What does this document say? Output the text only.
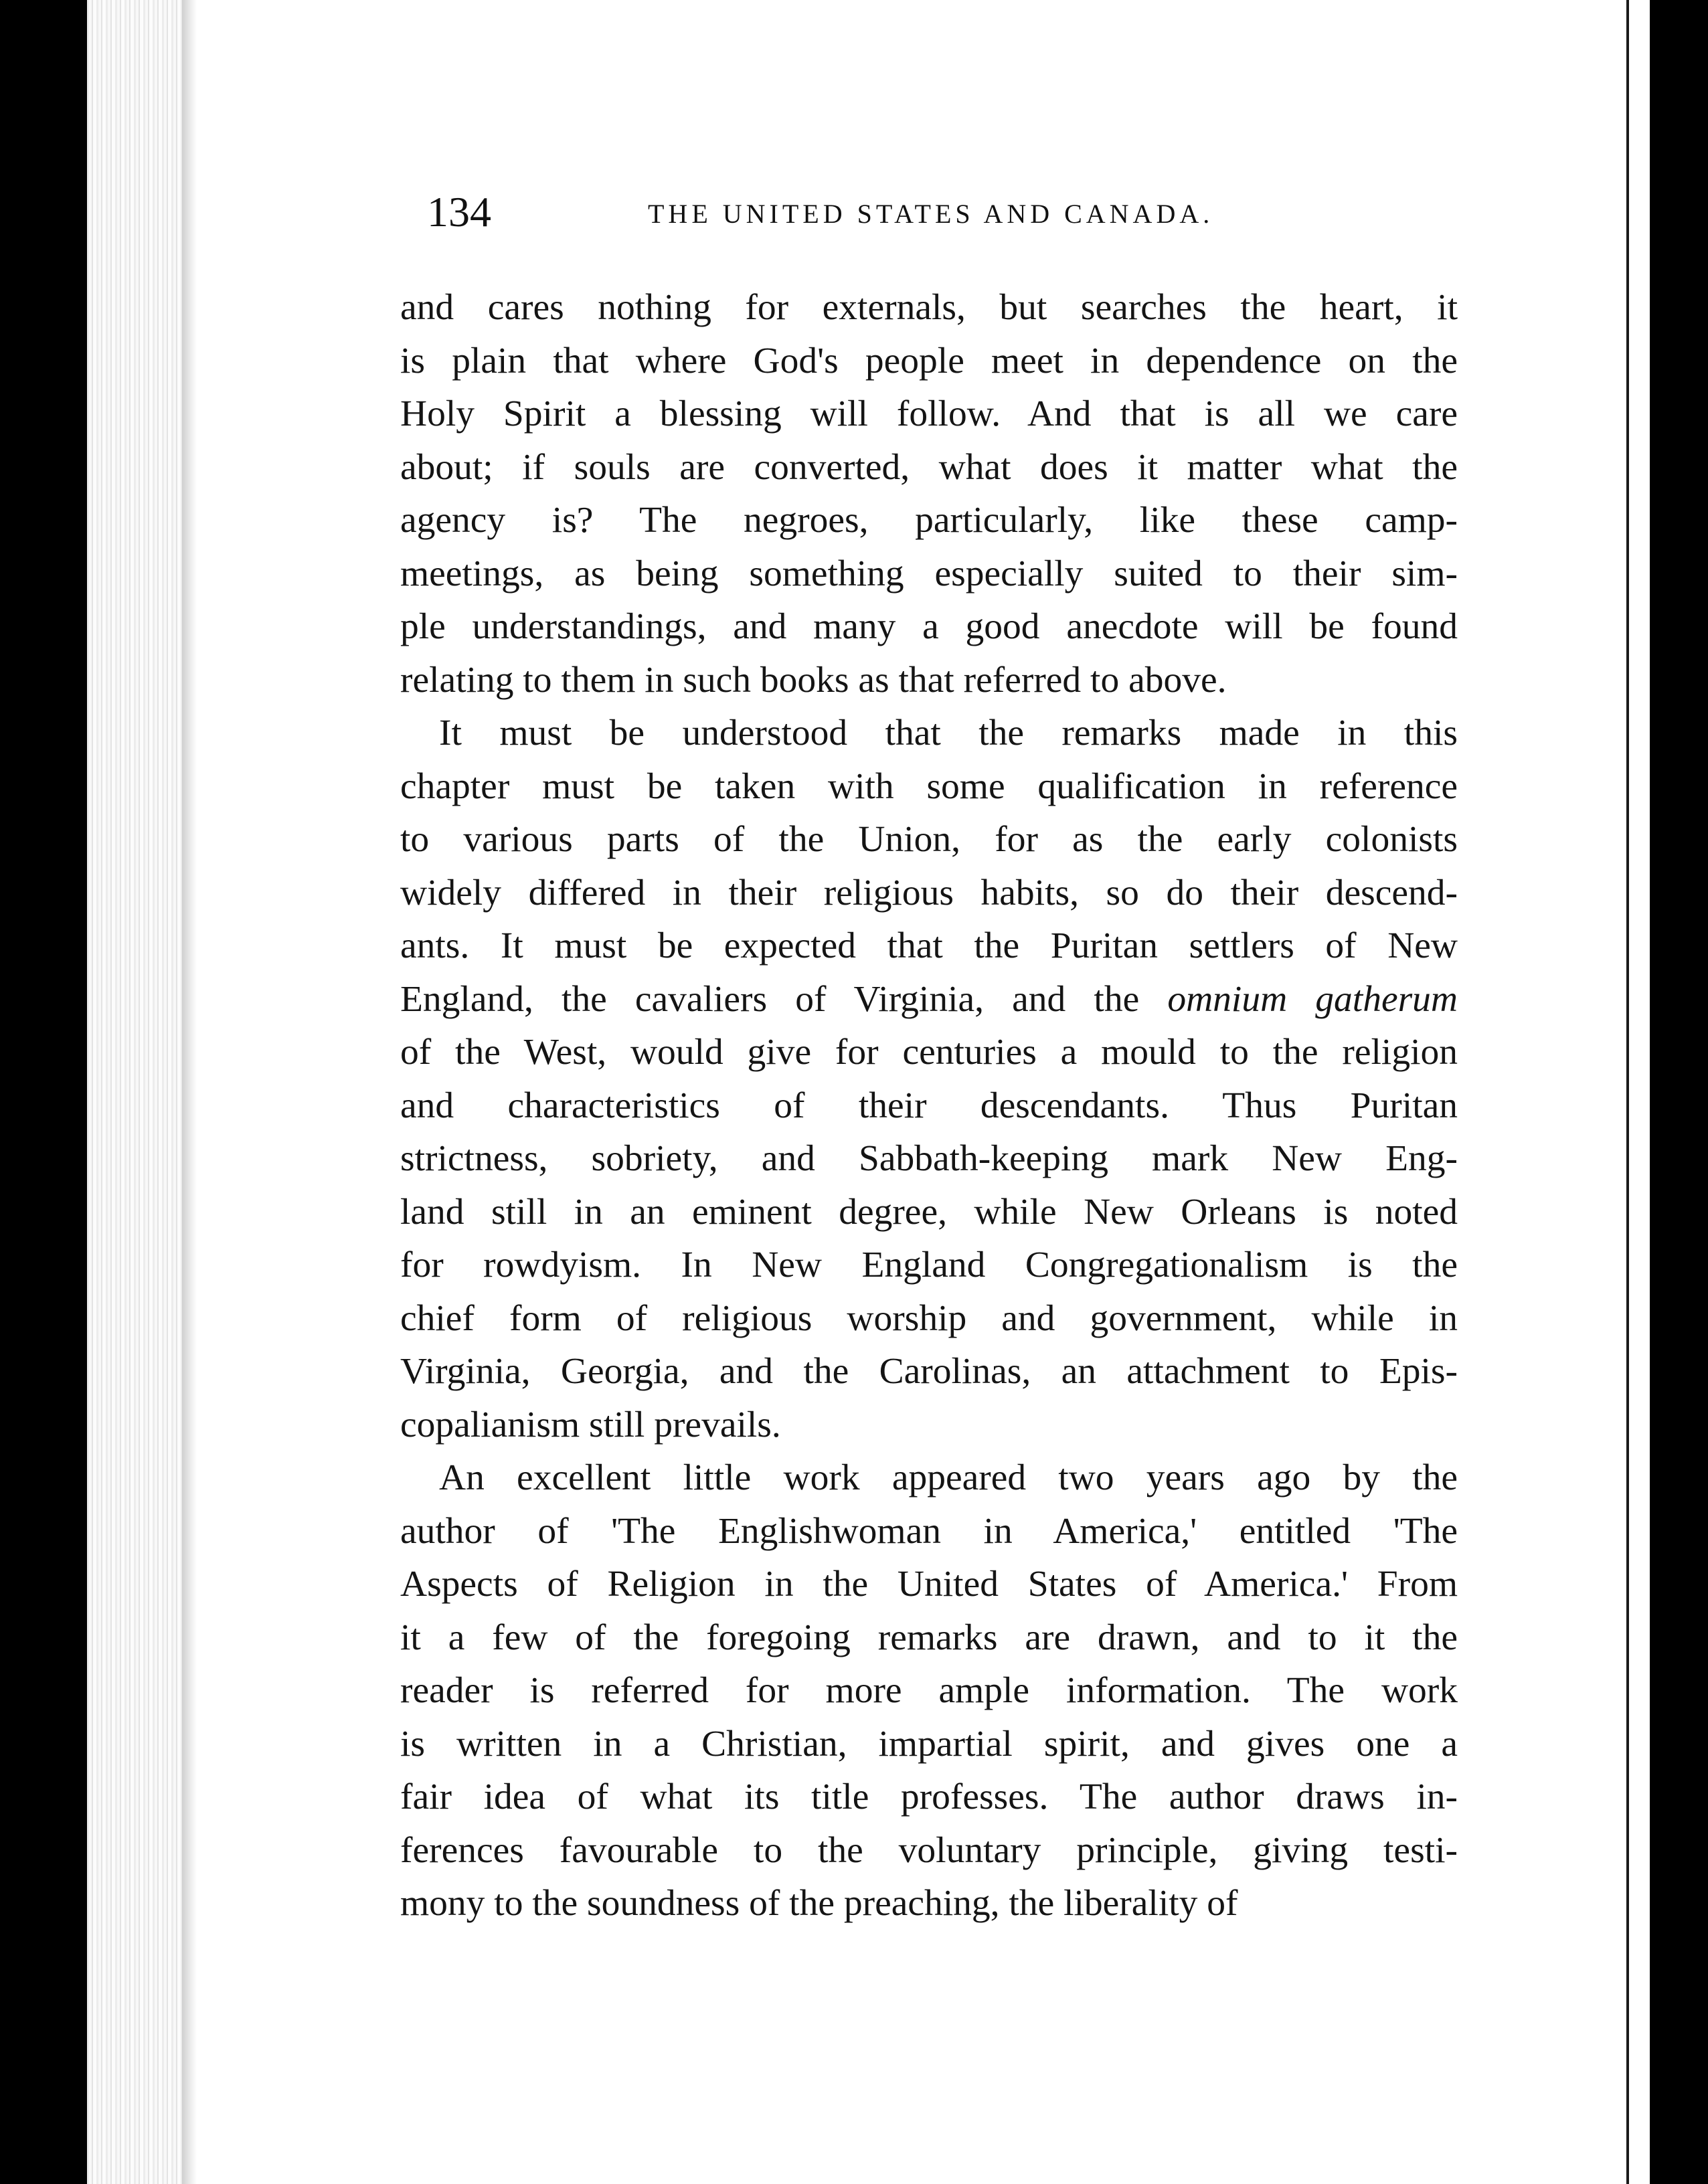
134	THE UNITED STATES AND CANADA.
and cares nothing for externals, but searches the heart, it
is plain that where God's people meet in dependence on the
Holy Spirit a blessing will follow. And that is all we care
about; if souls are converted, what does it matter what the
agency is? The negroes, particularly, like these camp-
meetings, as being something especially suited to their sim-
ple understandings, and many a good anecdote will be found
relating to them in such books as that referred to above.
It must be understood that the remarks made in this
chapter must be taken with some qualification in reference
to various parts of the Union, for as the early colonists
widely differed in their religious habits, so do their descend-
ants. It must be expected that the Puritan settlers of New
England, the cavaliers of Virginia, and the omnium gatherum
of the West, would give for centuries a mould to the religion
and characteristics of their descendants. Thus Puritan
strictness, sobriety, and Sabbath-keeping mark New Eng-
land still in an eminent degree, while New Orleans is noted
for rowdyism. In New England Congregationalism is the
chief form of religious worship and government, while in
Virginia, Georgia, and the Carolinas, an attachment to Epis-
copalianism still prevails.
An excellent little work appeared two years ago by the
author of 'The Englishwoman in America,' entitled 'The
Aspects of Religion in the United States of America.' From
it a few of the foregoing remarks are drawn, and to it the
reader is referred for more ample information. The work
is written in a Christian, impartial spirit, and gives one a
fair idea of what its title professes. The author draws in-
ferences favourable to the voluntary principle, giving testi-
mony to the soundness of the preaching, the liberality of
